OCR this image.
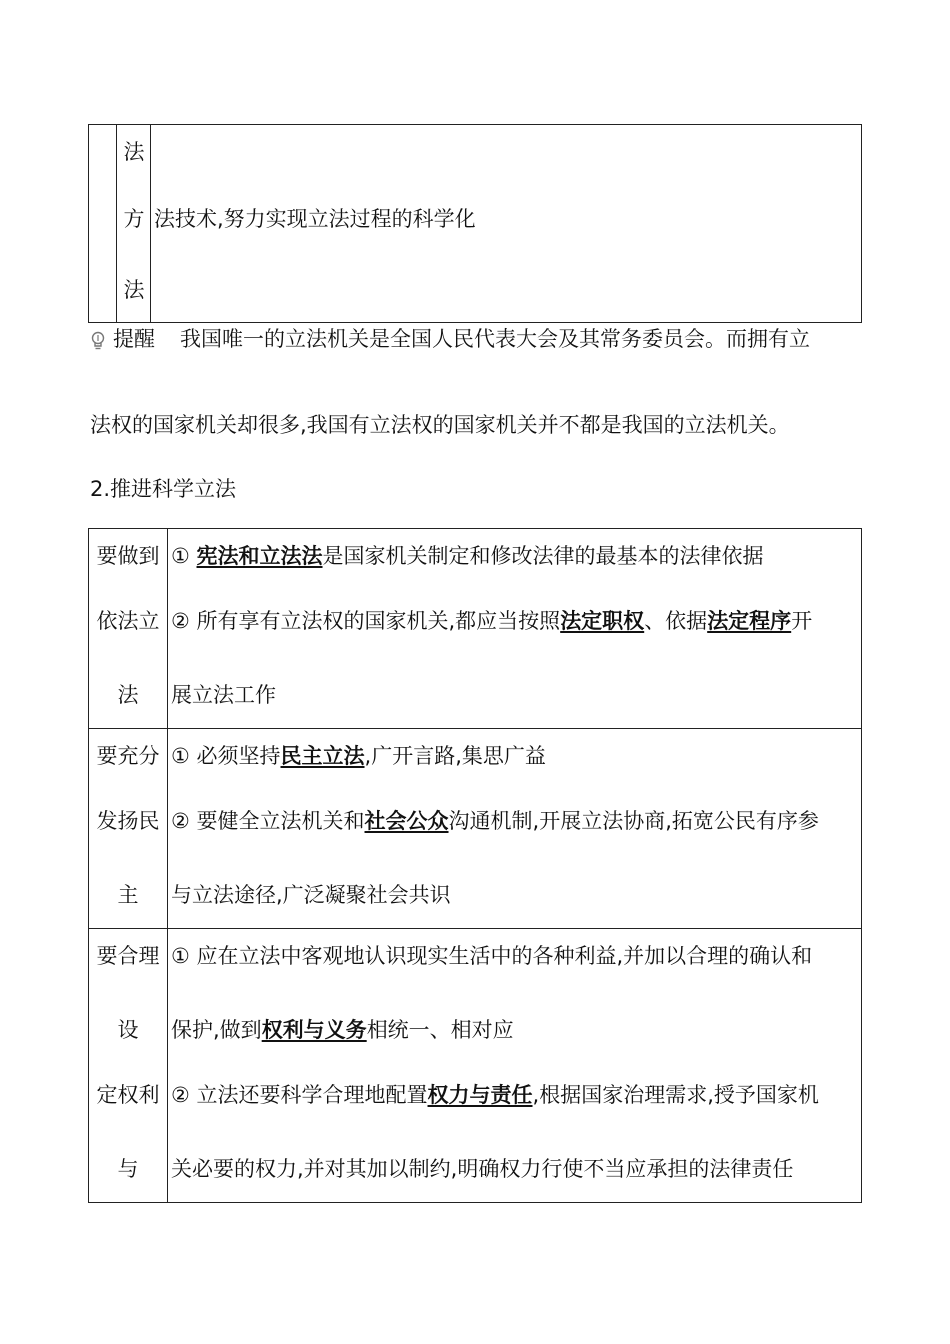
法
方
法
法技术,努力实现立法过程的科学化
提醒 我国唯一的立法机关是全国人民代表大会及其常务委员会。而拥有立
法权的国家机关却很多,我国有立法权的国家机关并不都是我国的立法机关。
2.推进科学立法
要做到
依法立
法
① 宪法和立法法是国家机关制定和修改法律的最基本的法律依据
② 所有享有立法权的国家机关,都应当按照法定职权、依据法定程序开
展立法工作
要充分
发扬民
主
① 必须坚持民主立法,广开言路,集思广益
② 要健全立法机关和社会公众沟通机制,开展立法协商,拓宽公民有序参
与立法途径,广泛凝聚社会共识
要合理
设
定权利
与
① 应在立法中客观地认识现实生活中的各种利益,并加以合理的确认和
保护,做到权利与义务相统一、相对应
② 立法还要科学合理地配置权力与责任,根据国家治理需求,授予国家机
关必要的权力,并对其加以制约,明确权力行使不当应承担的法律责任
